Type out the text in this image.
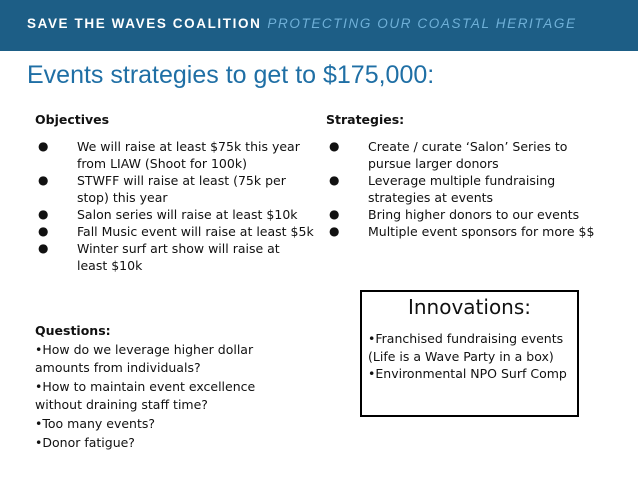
SAVE THE WAVES COALITION PROTECTING OUR COASTAL HERITAGE
Events strategies to get to $175,000:
Objectives
● We will raise at least $75k this year
from LIAW (Shoot for 100k)
● STWFF will raise at least (75k per
stop) this year
● Salon series will raise at least $10k
● Fall Music event will raise at least $5k
● Winter surf art show will raise at
least $10k
Strategies:
● Create / curate ‘Salon’ Series to
pursue larger donors
● Leverage multiple fundraising
strategies at events
● Bring higher donors to our events
● Multiple event sponsors for more $$
Questions:
•How do we leverage higher dollar
amounts from individuals?
•How to maintain event excellence
without draining staff time?
•Too many events?
•Donor fatigue?
Innovations:
•Franchised fundraising events
(Life is a Wave Party in a box)
•Environmental NPO Surf Comp
